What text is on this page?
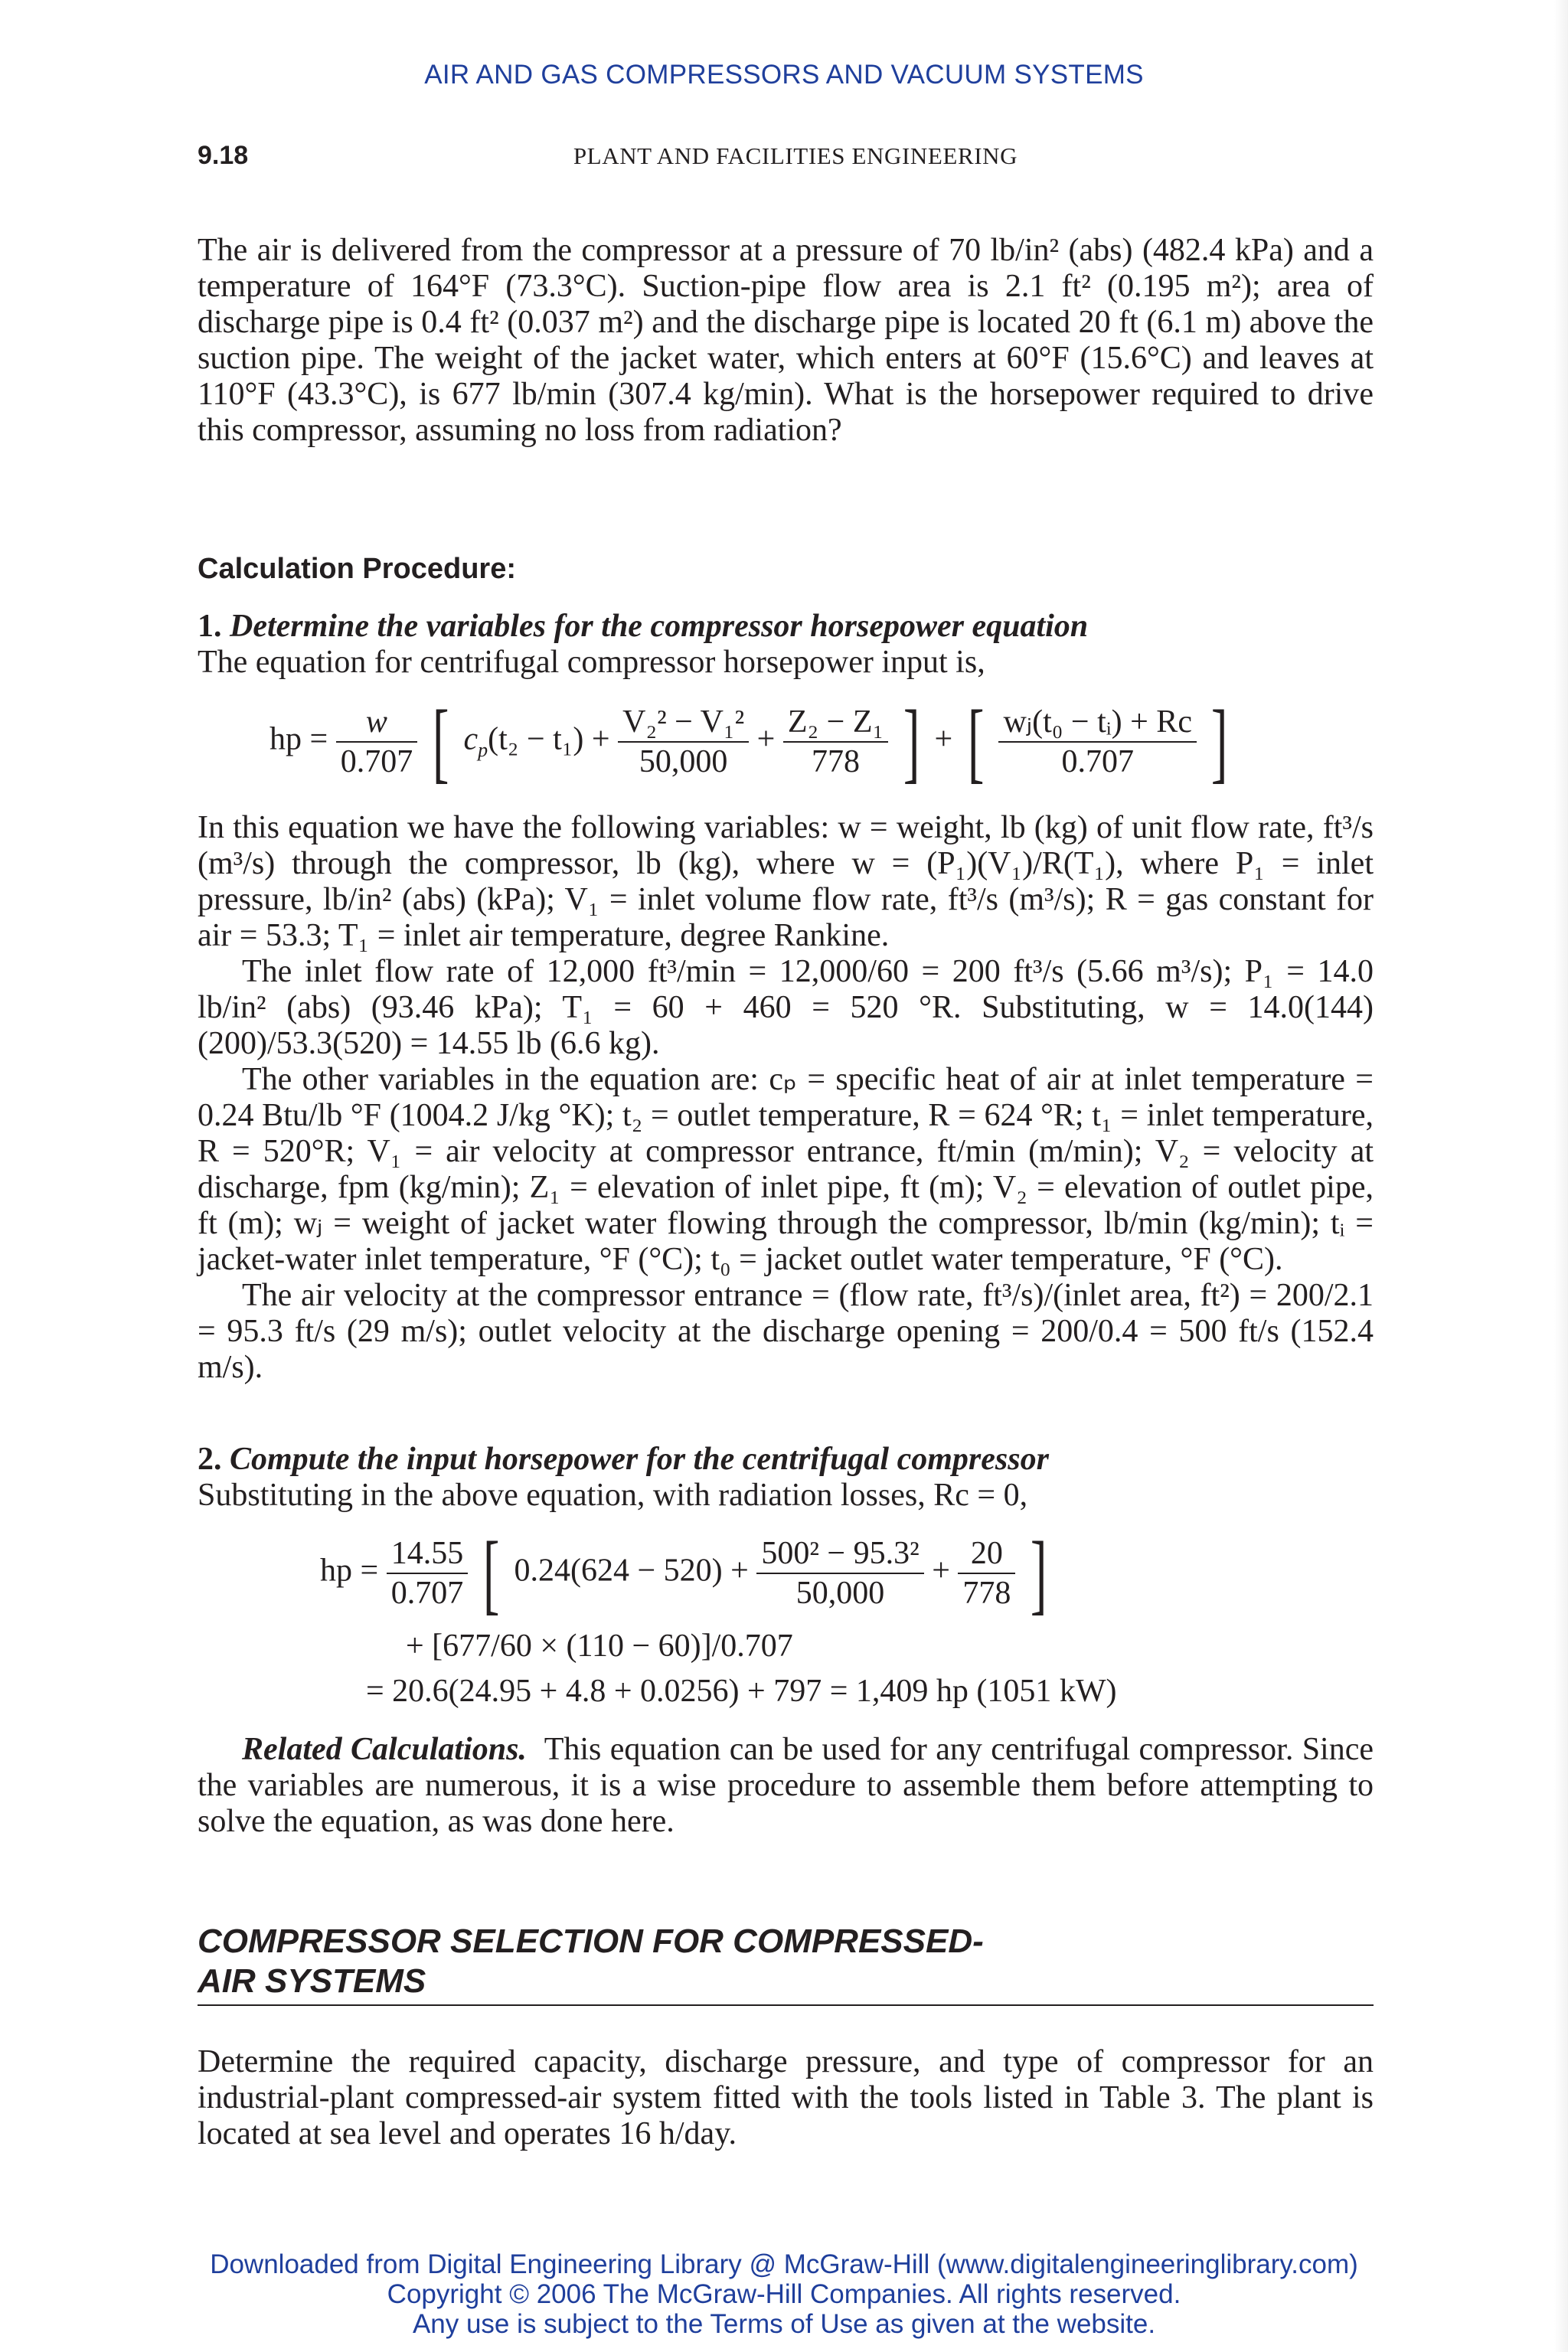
AIR AND GAS COMPRESSORS AND VACUUM SYSTEMS
9.18	PLANT AND FACILITIES ENGINEERING

The air is delivered from the compressor at a pressure of 70 lb/in² (abs) (482.4 kPa) and a temperature of 164°F (73.3°C). Suction-pipe flow area is 2.1 ft² (0.195 m²); area of discharge pipe is 0.4 ft² (0.037 m²) and the discharge pipe is located 20 ft (6.1 m) above the suction pipe. The weight of the jacket water, which enters at 60°F (15.6°C) and leaves at 110°F (43.3°C), is 677 lb/min (307.4 kg/min). What is the horsepower required to drive this compressor, assuming no loss from radiation?

Calculation Procedure:
1. Determine the variables for the compressor horsepower equation
The equation for centrifugal compressor horsepower input is,
hp = $\frac{w}{0.707}$ [ $c_p(t_2 - t_1) + \frac{\text{V₂² − V₁²}}{50,000} + \frac{\text{Z₂ − Z₁}}{778}$ ] + [ $\frac{\text{wⱼ(t₀ − tᵢ) + Rc}}{0.707}$ ]

In this equation we have the following variables: w = weight, lb (kg) of unit flow rate, ft³/s (m³/s) through the compressor, lb (kg), where w = (P₁)(V₁)/R(T₁), where P₁ = inlet pressure, lb/in² (abs) (kPa); V₁ = inlet volume flow rate, ft³/s (m³/s); R = gas constant for air = 53.3; T₁ = inlet air temperature, degree Rankine.

The inlet flow rate of 12,000 ft³/min = 12,000/60 = 200 ft³/s (5.66 m³/s); P₁ = 14.0 lb/in² (abs) (93.46 kPa); T₁ = 60 + 460 = 520 °R. Substituting, w = 14.0(144)(200)/53.3(520) = 14.55 lb (6.6 kg).

The other variables in the equation are: cₚ = specific heat of air at inlet temperature = 0.24 Btu/lb °F (1004.2 J/kg °K); t₂ = outlet temperature, R = 624 °R; t₁ = inlet temperature, R = 520°R; V₁ = air velocity at compressor entrance, ft/min (m/min); V₂ = velocity at discharge, fpm (kg/min); Z₁ = elevation of inlet pipe, ft (m); V₂ = elevation of outlet pipe, ft (m); wⱼ = weight of jacket water flowing through the compressor, lb/min (kg/min); tᵢ = jacket-water inlet temperature, °F (°C); t₀ = jacket outlet water temperature, °F (°C).

The air velocity at the compressor entrance = (flow rate, ft³/s)/(inlet area, ft²) = 200/2.1 = 95.3 ft/s (29 m/s); outlet velocity at the discharge opening = 200/0.4 = 500 ft/s (152.4 m/s).

2. Compute the input horsepower for the centrifugal compressor
Substituting in the above equation, with radiation losses, Rc = 0,
hp = $\frac{14.55}{0.707}$ [ $0.24(624 - 520) + \frac{\text{500² − 95.3²}}{50,000} + \frac{20}{778}$ ]
+ [677/60 × (110 − 60)]/0.707
= 20.6(24.95 + 4.8 + 0.0256) + 797 = 1,409 hp (1051 kW)

Related Calculations. This equation can be used for any centrifugal compressor. Since the variables are numerous, it is a wise procedure to assemble them before attempting to solve the equation, as was done here.

COMPRESSOR SELECTION FOR COMPRESSED-
AIR SYSTEMS

Determine the required capacity, discharge pressure, and type of compressor for an industrial-plant compressed-air system fitted with the tools listed in Table 3. The plant is located at sea level and operates 16 h/day.

Downloaded from Digital Engineering Library @ McGraw-Hill (www.digitalengineeringlibrary.com)
Copyright © 2006 The McGraw-Hill Companies. All rights reserved.
Any use is subject to the Terms of Use as given at the website.
